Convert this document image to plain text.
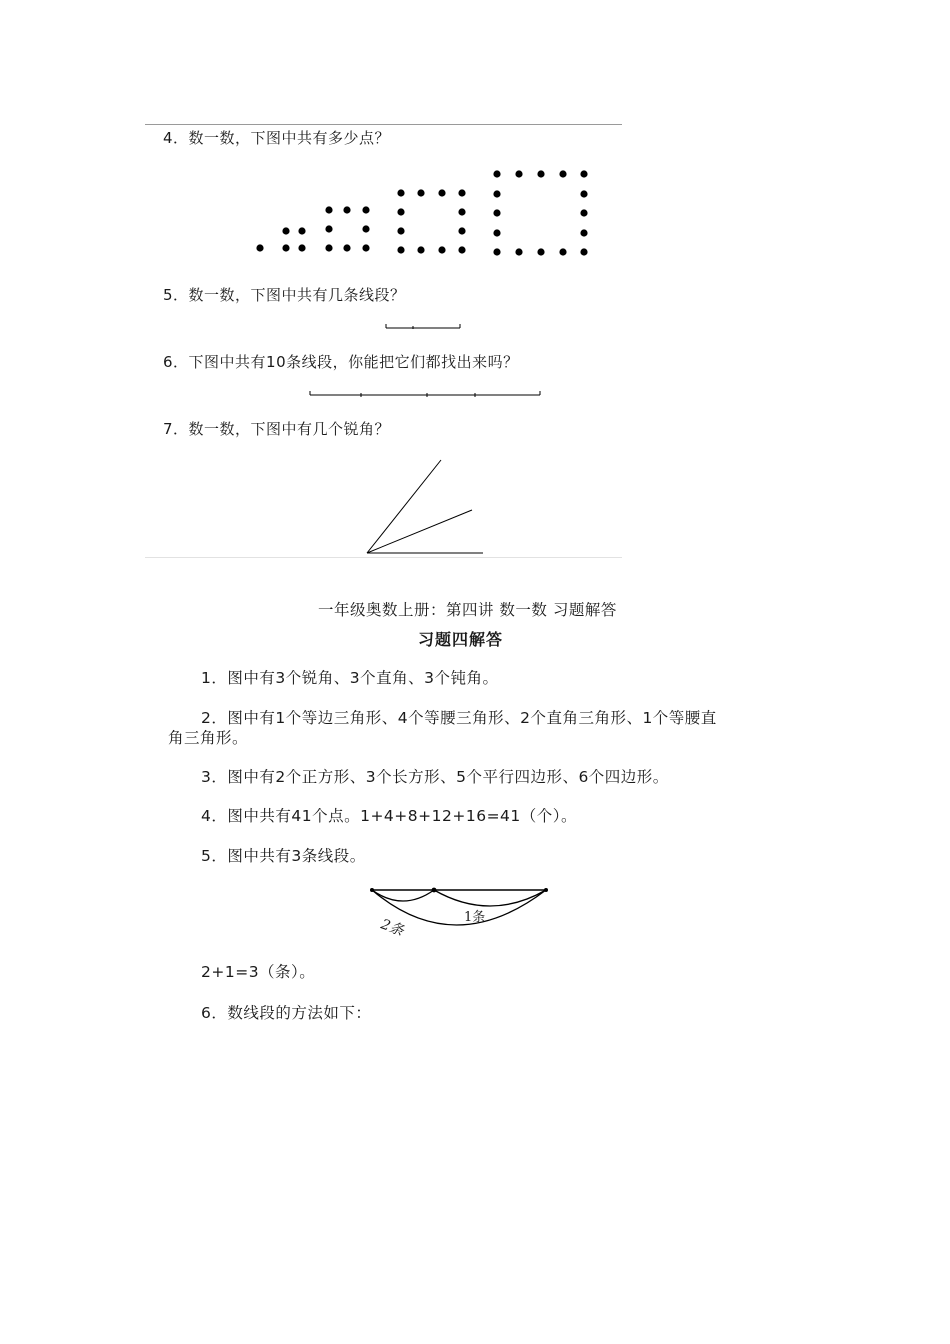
4．数一数，下图中共有多少点？
5．数一数，下图中共有几条线段？
6．下图中共有10条线段，你能把它们都找出来吗？
7．数一数，下图中有几个锐角？
一年级奥数上册：第四讲 数一数 习题解答
习题四解答
1．图中有3个锐角、3个直角、3个钝角。
2．图中有1个等边三角形、4个等腰三角形、2个直角三角形、1个等腰直
角三角形。
3．图中有2个正方形、3个长方形、5个平行四边形、6个四边形。
4．图中共有41个点。1+4+8+12+16=41（个）。
5．图中共有3条线段。
1条
2条
2+1=3（条）。
6．数线段的方法如下：
